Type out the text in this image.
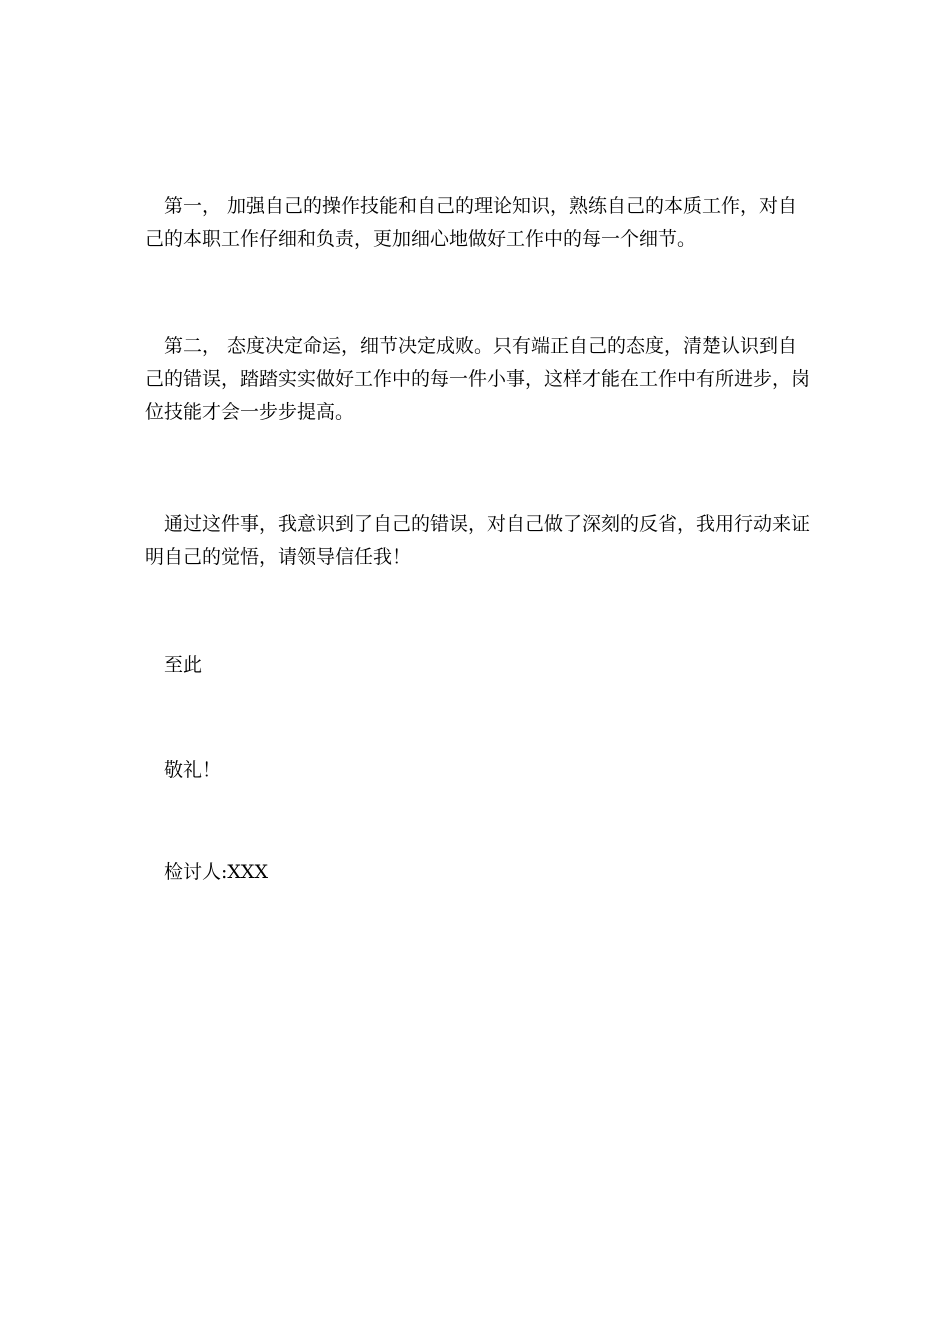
第一， 加强自己的操作技能和自己的理论知识，熟练自己的本质工作，对自己的本职工作仔细和负责，更加细心地做好工作中的每一个细节。

第二， 态度决定命运，细节决定成败。只有端正自己的态度，清楚认识到自己的错误，踏踏实实做好工作中的每一件小事，这样才能在工作中有所进步，岗位技能才会一步步提高。

通过这件事，我意识到了自己的错误，对自己做了深刻的反省，我用行动来证明自己的觉悟，请领导信任我！

至此

敬礼！

检讨人:XXX
